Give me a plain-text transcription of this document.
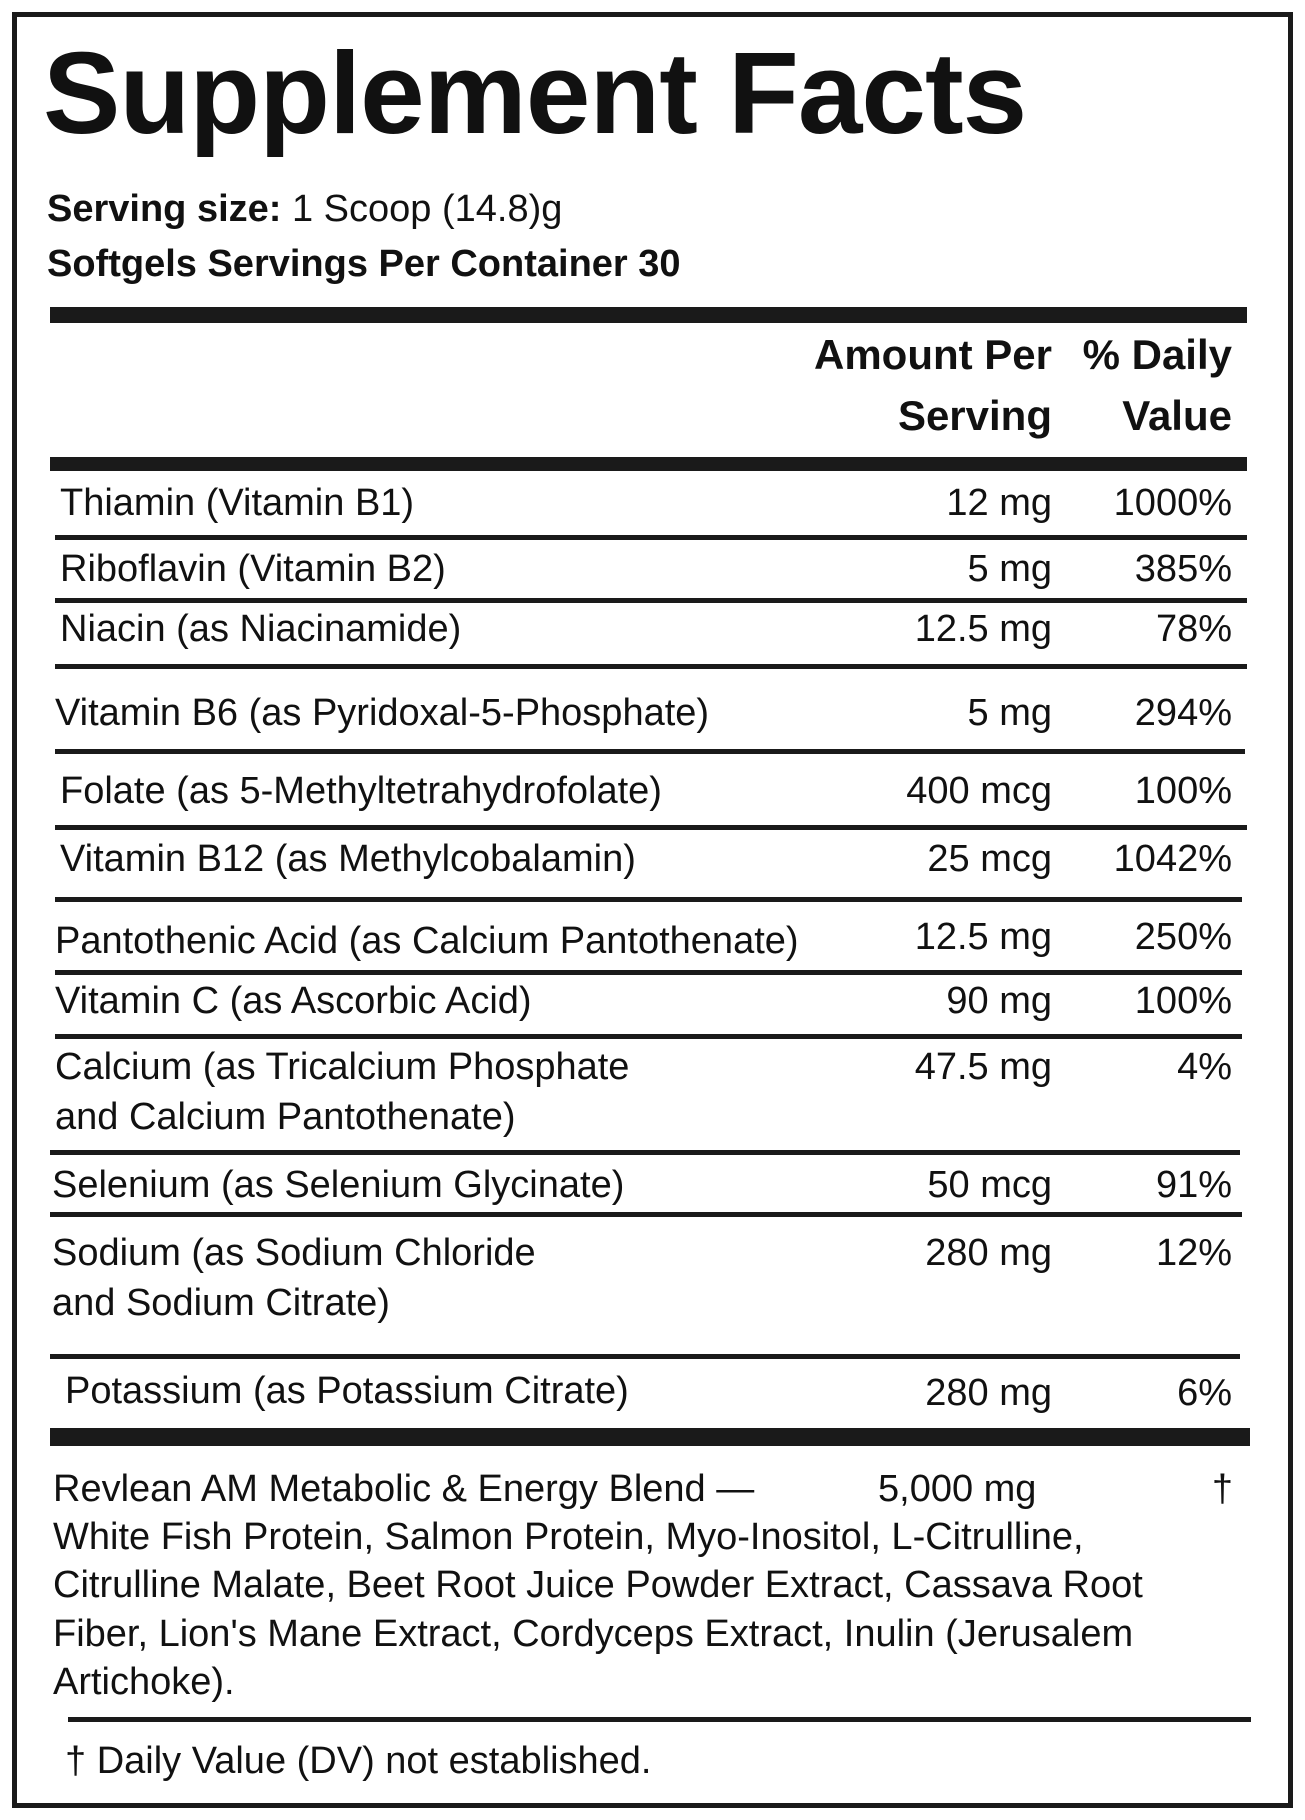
Supplement Facts
Serving size: 1 Scoop (14.8)g
Softgels Servings Per Container 30
Amount Per
Serving
% Daily
Value
Thiamin (Vitamin B1)	12 mg	1000%
Riboflavin (Vitamin B2)	5 mg	385%
Niacin (as Niacinamide)	12.5 mg	78%
Vitamin B6 (as Pyridoxal-5-Phosphate)	5 mg	294%
Folate (as 5-Methyltetrahydrofolate)	400 mcg	100%
Vitamin B12 (as Methylcobalamin)	25 mcg	1042%
Pantothenic Acid (as Calcium Pantothenate)	12.5 mg	250%
Vitamin C (as Ascorbic Acid)	90 mg	100%
Calcium (as Tricalcium Phosphate
and Calcium Pantothenate)
47.5 mg	4%
Selenium (as Selenium Glycinate)	50 mcg	91%
Sodium (as Sodium Chloride
and Sodium Citrate)
280 mg	12%
Potassium (as Potassium Citrate)	280 mg	6%
Revlean AM Metabolic & Energy Blend —	5,000 mg	†
White Fish Protein, Salmon Protein, Myo-Inositol, L-Citrulline, Citrulline Malate, Beet Root Juice Powder Extract, Cassava Root Fiber, Lion's Mane Extract, Cordyceps Extract, Inulin (Jerusalem Artichoke).
† Daily Value (DV) not established.
